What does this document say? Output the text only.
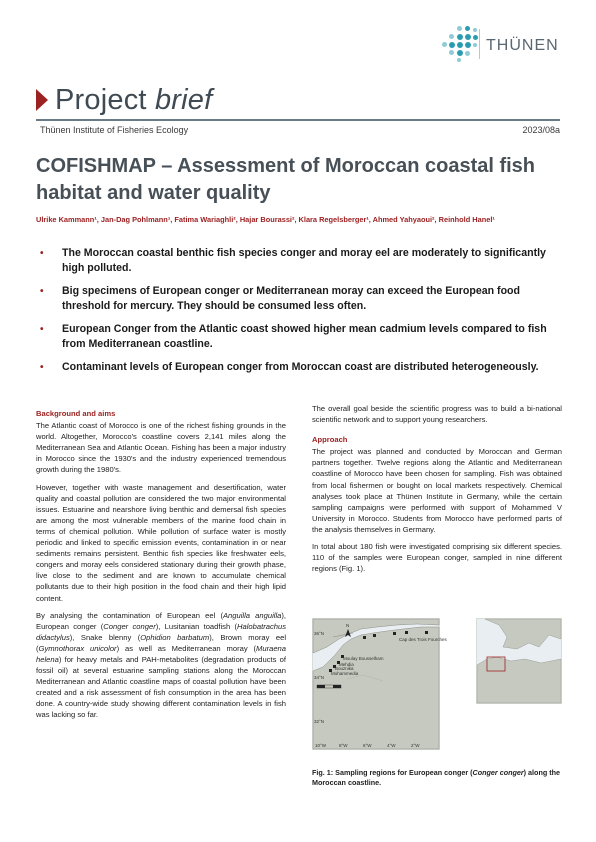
THÜNEN
Project brief
Thünen Institute of Fisheries Ecology	2023/08a
COFISHMAP – Assessment of Moroccan coastal fish habitat and water quality
Ulrike Kammann¹, Jan-Dag Pohlmann¹, Fatima Wariaghli², Hajar Bourassi², Klara Regelsberger¹, Ahmed Yahyaoui², Reinhold Hanel¹
• The Moroccan coastal benthic fish species conger and moray eel are moderately to significantly high polluted.
• Big specimens of European conger or Mediterranean moray can exceed the European food threshold for mercury. They should be consumed less often.
• European Conger from the Atlantic coast showed higher mean cadmium levels compared to fish from Mediterranean coastline.
• Contaminant levels of European conger from Moroccan coast are distributed heterogeneously.
Background and aims

The Atlantic coast of Morocco is one of the richest fishing grounds in the world. Altogether, Morocco's coastline covers 2,141 miles along the Mediterranean Sea and Atlantic Ocean. Fishing has been a major industry in Morocco since the 1930's and the industry experienced tremendous growth during the 1980's.

However, together with waste management and desertification, water quality and coastal pollution are considered the two major environmental issues. Estuarine and nearshore living benthic and demersal fish species are among the most vulnerable members of the marine food chain in terms of chemical pollution. While pollution of surface water is mostly periodic and linked to specific emission events, contamination in or near sediments remains persistent. Benthic fish species like freshwater eels, congers and moray eels considered stationary during their growth phase, live close to the sediment and are known to accumulate chemical pollutants due to their high position in the food chain and their high lipid content.

By analysing the contamination of European eel (Anguilla anguilla), European conger (Conger conger), Lusitanian toadfish (Halobatrachus didactylus), Snake blenny (Ophidion barbatum), Brown moray eel (Gymnothorax unicolor) as well as Mediterranean moray (Muraena helena) for heavy metals and PAH-metabolites (degradation products of fossil oil) at several estuarine sampling stations along the Moroccan Mediterranean and Atlantic coastline maps of coastal pollution have been created and a risk assessment of fish consumption in the area has been done. A country-wide study showing different contamination levels in fish was lacking so far.

The overall goal beside the scientific progress was to build a bi-national scientific network and to support young researchers.

Approach

The project was planned and conducted by Moroccan and German partners together. Twelve regions along the Atlantic and Mediterranean coastline of Morocco have been chosen for sampling. Fish was obtained from local fishermen or bought on local markets respectively. Chemical analyses took place at Thünen Institute in Germany, while the certain sampling campaigns were performed with support of Mohammed V University in Morocco. Students from Morocco have performed parts of the analysis themselves in Germany.

In total about 180 fish were investigated comprising six different species. 110 of the samples were European conger, sampled in nine different regions (Fig. 1).

Cap des Trois Fourches
Moulay Bousselham
Mehdia
Bouznika
Mohammedia
N
10°W	8°W	6°W	4°W	2°W
36°N
34°N
32°N
Fig. 1: Sampling regions for European conger (Conger conger) along the Moroccan coastline.
